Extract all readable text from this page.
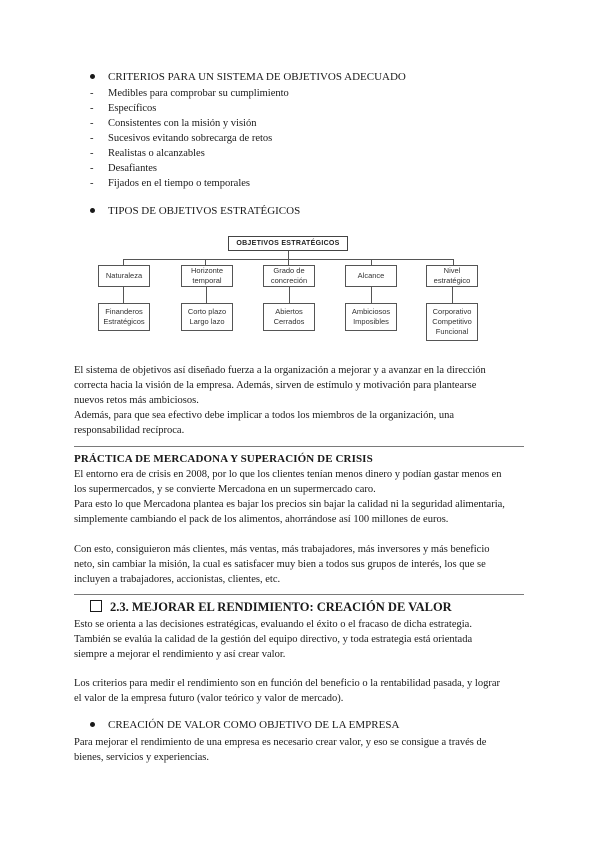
CRITERIOS PARA UN SISTEMA DE OBJETIVOS ADECUADO
- Medibles para comprobar su cumplimiento
- Específicos
- Consistentes con la misión y visión
- Sucesivos evitando sobrecarga de retos
- Realistas o alcanzables
- Desafiantes
- Fijados en el tiempo o temporales
TIPOS DE OBJETIVOS ESTRATÉGICOS
OBJETIVOS ESTRATÉGICOS
Naturaleza
Horizonte temporal
Grado de concreción
Alcance
Nivel estratégico
Finanderos Estratégicos
Corto plazo Largo lazo
Abiertos Cerrados
Ambiciosos Imposibles
Corporativo Competitivo Funcional
El sistema de objetivos así diseñado fuerza a la organización a mejorar y a avanzar en la dirección
correcta hacia la visión de la empresa. Además, sirven de estímulo y motivación para plantearse
nuevos retos más ambiciosos.
Además, para que sea efectivo debe implicar a todos los miembros de la organización, una
responsabilidad recíproca.
PRÁCTICA DE MERCADONA Y SUPERACIÓN DE CRISIS
El entorno era de crisis en 2008, por lo que los clientes tenían menos dinero y podían gastar menos en
los supermercados, y se convierte Mercadona en un supermercado caro.
Para esto lo que Mercadona plantea es bajar los precios sin bajar la calidad ni la seguridad alimentaria,
simplemente cambiando el pack de los alimentos, ahorrándose así 100 millones de euros.
Con esto, consiguieron más clientes, más ventas, más trabajadores, más inversores y más beneficio
neto, sin cambiar la misión, la cual es satisfacer muy bien a todos sus grupos de interés, los que se
incluyen a trabajadores, accionistas, clientes, etc.
2.3. MEJORAR EL RENDIMIENTO: CREACIÓN DE VALOR
Esto se orienta a las decisiones estratégicas, evaluando el éxito o el fracaso de dicha estrategia.
También se evalúa la calidad de la gestión del equipo directivo, y toda estrategia está orientada
siempre a mejorar el rendimiento y así crear valor.
Los criterios para medir el rendimiento son en función del beneficio o la rentabilidad pasada, y lograr
el valor de la empresa futuro (valor teórico y valor de mercado).
CREACIÓN DE VALOR COMO OBJETIVO DE LA EMPRESA
Para mejorar el rendimiento de una empresa es necesario crear valor, y eso se consigue a través de
bienes, servicios y experiencias.
